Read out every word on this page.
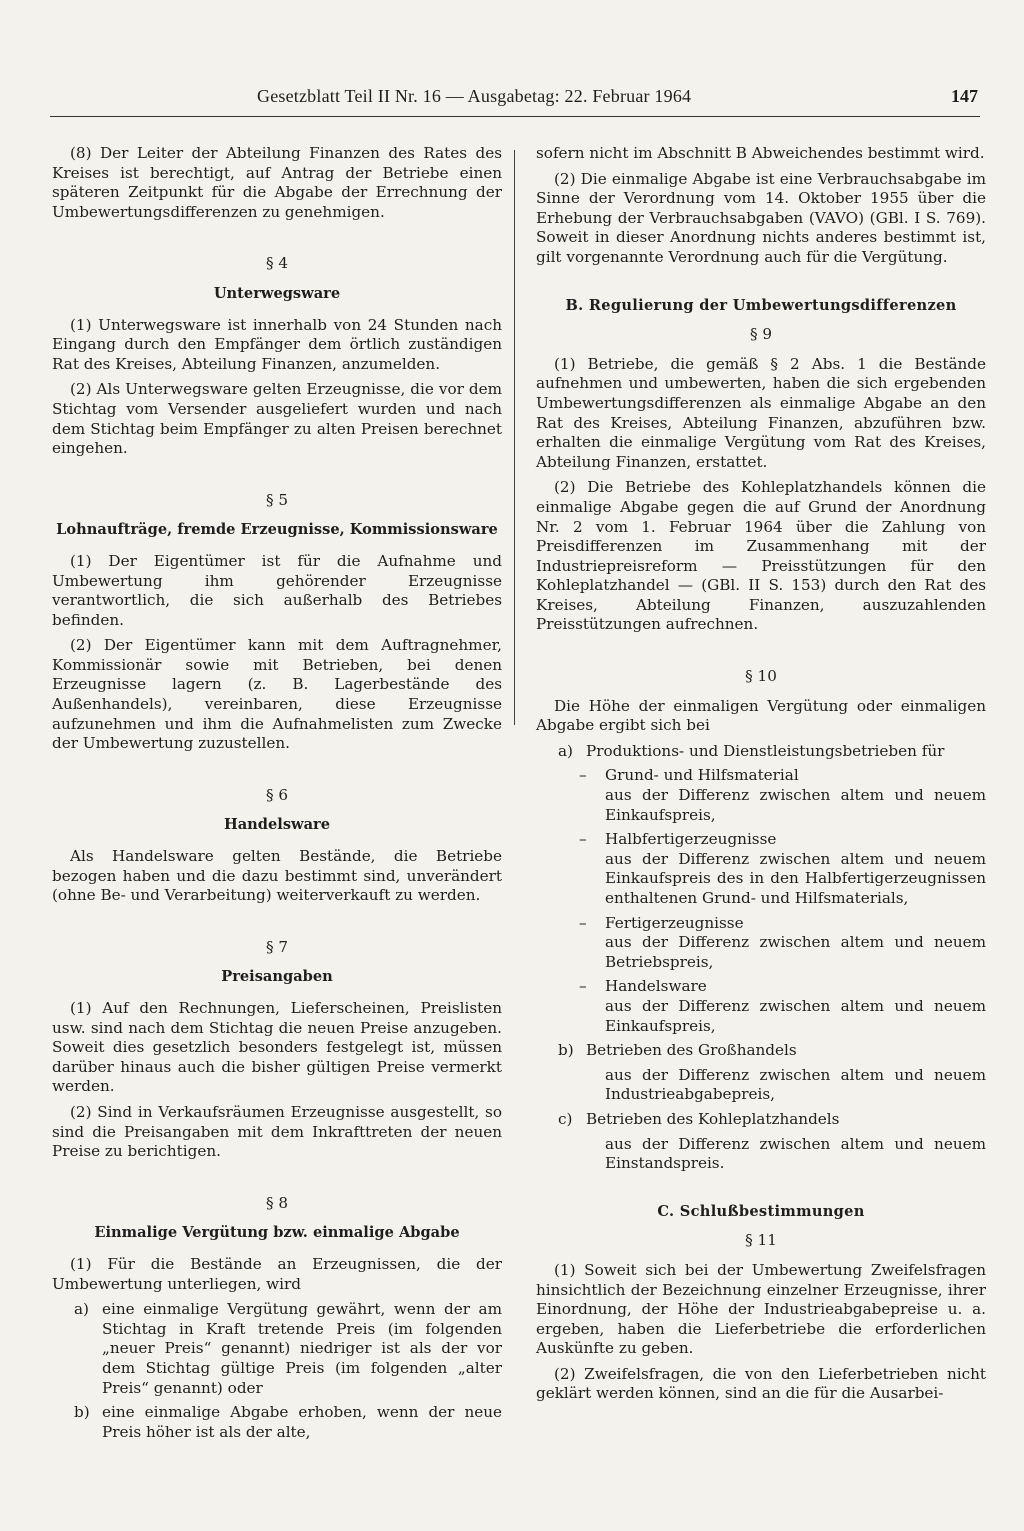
Gesetzblatt Teil II Nr. 16 — Ausgabetag: 22. Februar 1964	147

(8) Der Leiter der Abteilung Finanzen des Rates des Kreises ist berechtigt, auf Antrag der Betriebe einen späteren Zeitpunkt für die Abgabe der Errechnung der Umbewertungsdifferenzen zu genehmigen.

§ 4
Unterwegsware

(1) Unterwegsware ist innerhalb von 24 Stunden nach Eingang durch den Empfänger dem örtlich zuständigen Rat des Kreises, Abteilung Finanzen, anzumelden.

(2) Als Unterwegsware gelten Erzeugnisse, die vor dem Stichtag vom Versender ausgeliefert wurden und nach dem Stichtag beim Empfänger zu alten Preisen berechnet eingehen.

§ 5
Lohnaufträge, fremde Erzeugnisse, Kommissionsware

(1) Der Eigentümer ist für die Aufnahme und Umbewertung ihm gehörender Erzeugnisse verantwortlich, die sich außerhalb des Betriebes befinden.

(2) Der Eigentümer kann mit dem Auftragnehmer, Kommissionär sowie mit Betrieben, bei denen Erzeugnisse lagern (z. B. Lagerbestände des Außenhandels), vereinbaren, diese Erzeugnisse aufzunehmen und ihm die Aufnahmelisten zum Zwecke der Umbewertung zuzustellen.

§ 6
Handelsware

Als Handelsware gelten Bestände, die Betriebe bezogen haben und die dazu bestimmt sind, unverändert (ohne Be- und Verarbeitung) weiterverkauft zu werden.

§ 7
Preisangaben

(1) Auf den Rechnungen, Lieferscheinen, Preislisten usw. sind nach dem Stichtag die neuen Preise anzugeben. Soweit dies gesetzlich besonders festgelegt ist, müssen darüber hinaus auch die bisher gültigen Preise vermerkt werden.

(2) Sind in Verkaufsräumen Erzeugnisse ausgestellt, so sind die Preisangaben mit dem Inkrafttreten der neuen Preise zu berichtigen.

§ 8
Einmalige Vergütung bzw. einmalige Abgabe

(1) Für die Bestände an Erzeugnissen, die der Umbewertung unterliegen, wird

a) eine einmalige Vergütung gewährt, wenn der am Stichtag in Kraft tretende Preis (im folgenden „neuer Preis“ genannt) niedriger ist als der vor dem Stichtag gültige Preis (im folgenden „alter Preis“ genannt) oder
b) eine einmalige Abgabe erhoben, wenn der neue Preis höher ist als der alte,

sofern nicht im Abschnitt B Abweichendes bestimmt wird.

(2) Die einmalige Abgabe ist eine Verbrauchsabgabe im Sinne der Verordnung vom 14. Oktober 1955 über die Erhebung der Verbrauchsabgaben (VAVO) (GBl. I S. 769). Soweit in dieser Anordnung nichts anderes bestimmt ist, gilt vorgenannte Verordnung auch für die Vergütung.

B. Regulierung der Umbewertungsdifferenzen
§ 9

(1) Betriebe, die gemäß § 2 Abs. 1 die Bestände aufnehmen und umbewerten, haben die sich ergebenden Umbewertungsdifferenzen als einmalige Abgabe an den Rat des Kreises, Abteilung Finanzen, abzuführen bzw. erhalten die einmalige Vergütung vom Rat des Kreises, Abteilung Finanzen, erstattet.

(2) Die Betriebe des Kohleplatzhandels können die einmalige Abgabe gegen die auf Grund der Anordnung Nr. 2 vom 1. Februar 1964 über die Zahlung von Preisdifferenzen im Zusammenhang mit der Industriepreisreform — Preisstützungen für den Kohleplatzhandel — (GBl. II S. 153) durch den Rat des Kreises, Abteilung Finanzen, auszuzahlenden Preisstützungen aufrechnen.

§ 10

Die Höhe der einmaligen Vergütung oder einmaligen Abgabe ergibt sich bei

a) Produktions- und Dienstleistungsbetrieben für
–	Grund- und Hilfsmaterial

aus der Differenz zwischen altem und neuem Einkaufspreis,

–	Halbfertigerzeugnisse

aus der Differenz zwischen altem und neuem Einkaufspreis des in den Halbfertigerzeugnissen enthaltenen Grund- und Hilfsmaterials,

–	Fertigerzeugnisse

aus der Differenz zwischen altem und neuem Betriebspreis,

–	Handelsware

aus der Differenz zwischen altem und neuem Einkaufspreis,

b) Betrieben des Großhandels

aus der Differenz zwischen altem und neuem Industrieabgabepreis,

c) Betrieben des Kohleplatzhandels

aus der Differenz zwischen altem und neuem Einstandspreis.

C. Schlußbestimmungen
§ 11

(1) Soweit sich bei der Umbewertung Zweifelsfragen hinsichtlich der Bezeichnung einzelner Erzeugnisse, ihrer Einordnung, der Höhe der Industrieabgabepreise u. a. ergeben, haben die Lieferbetriebe die erforderlichen Auskünfte zu geben.

(2) Zweifelsfragen, die von den Lieferbetrieben nicht geklärt werden können, sind an die für die Ausarbei-
